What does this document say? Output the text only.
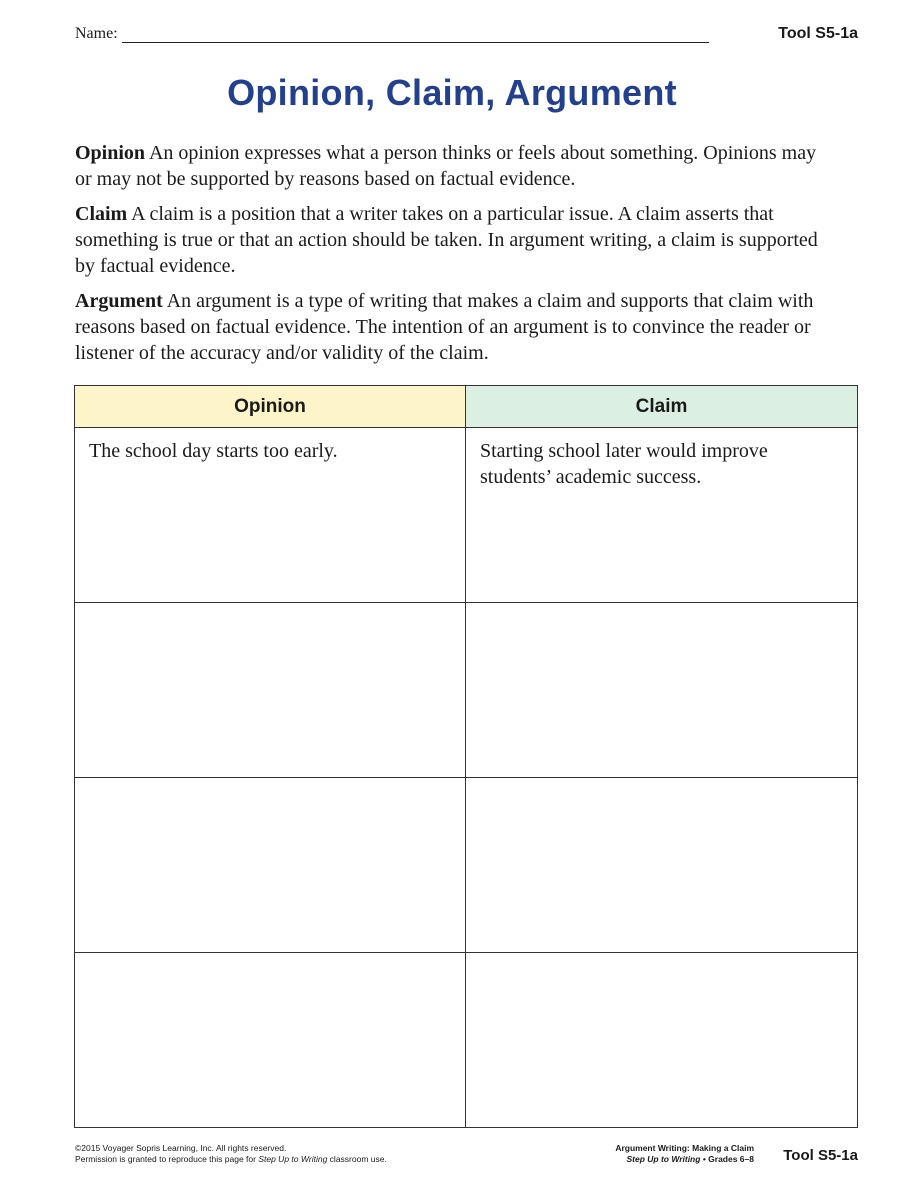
Name:	Tool S5-1a
Opinion, Claim, Argument

Opinion An opinion expresses what a person thinks or feels about something. Opinions may or may not be supported by reasons based on factual evidence.

Claim A claim is a position that a writer takes on a particular issue. A claim asserts that something is true or that an action should be taken. In argument writing, a claim is supported by factual evidence.

Argument An argument is a type of writing that makes a claim and supports that claim with reasons based on factual evidence. The intention of an argument is to convince the reader or listener of the accuracy and/or validity of the claim.

Opinion	Claim
The school day starts too early.	Starting school later would improve students’ academic success.

©2015 Voyager Sopris Learning, Inc. All rights reserved.
Permission is granted to reproduce this page for Step Up to Writing classroom use.
Argument Writing: Making a Claim
Step Up to Writing • Grades 6–8 Tool S5-1a
